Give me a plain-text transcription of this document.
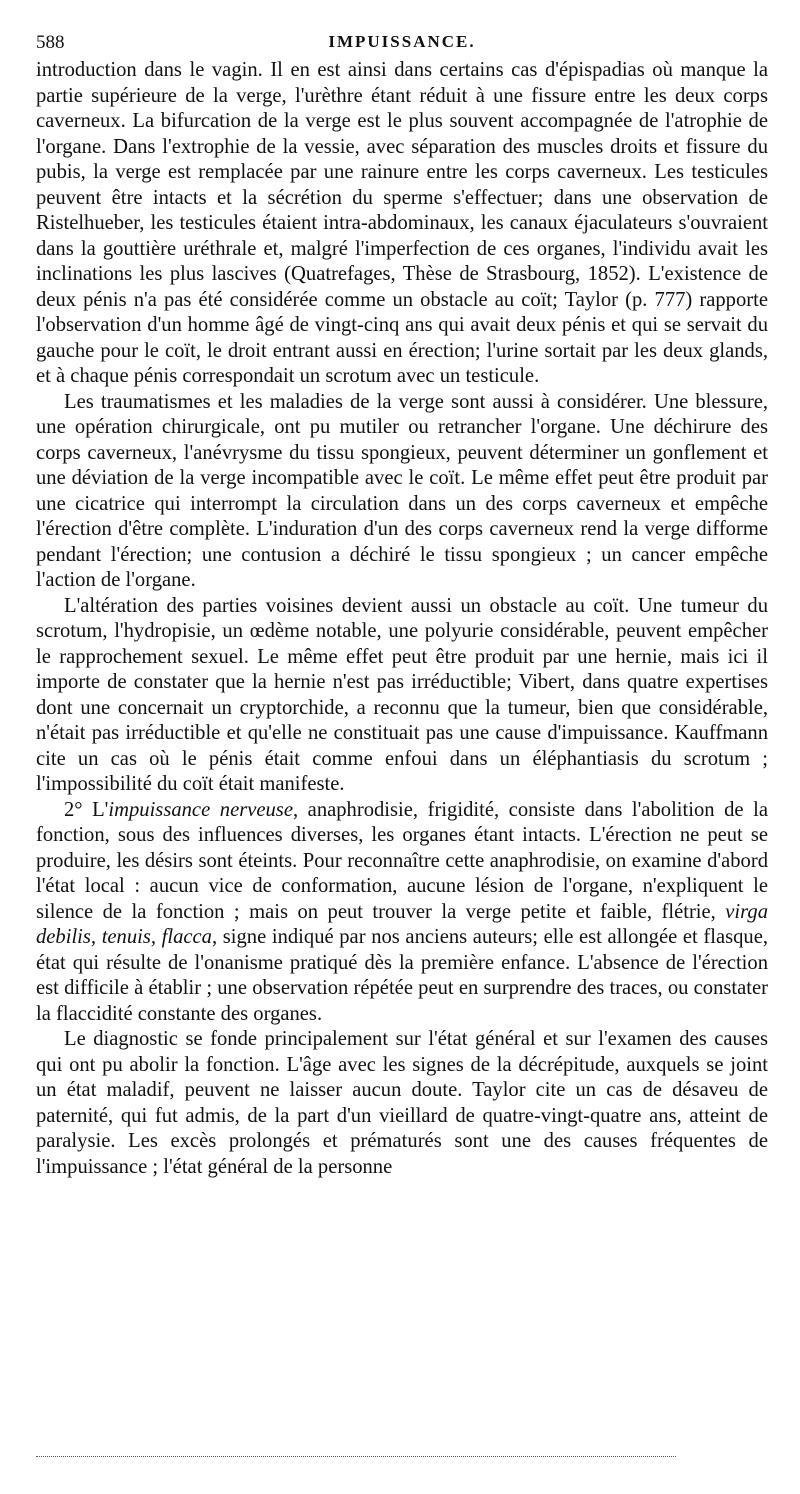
588	IMPUISSANCE.

introduction dans le vagin. Il en est ainsi dans certains cas d'épispadias où manque la partie supérieure de la verge, l'urèthre étant réduit à une fissure entre les deux corps caverneux. La bifurcation de la verge est le plus souvent accompagnée de l'atrophie de l'organe. Dans l'extrophie de la vessie, avec séparation des muscles droits et fissure du pubis, la verge est remplacée par une rainure entre les corps caverneux. Les testicules peuvent être intacts et la sécrétion du sperme s'effectuer; dans une observation de Ristelhueber, les testicules étaient intra-abdominaux, les canaux éjaculateurs s'ouvraient dans la gouttière uréthrale et, malgré l'imperfection de ces organes, l'individu avait les inclinations les plus lascives (Quatrefages, Thèse de Strasbourg, 1852). L'existence de deux pénis n'a pas été considérée comme un obstacle au coït; Taylor (p. 777) rapporte l'observation d'un homme âgé de vingt-cinq ans qui avait deux pénis et qui se servait du gauche pour le coït, le droit entrant aussi en érection; l'urine sortait par les deux glands, et à chaque pénis correspondait un scrotum avec un testicule.

Les traumatismes et les maladies de la verge sont aussi à considérer. Une blessure, une opération chirurgicale, ont pu mutiler ou retrancher l'organe. Une déchirure des corps caverneux, l'anévrysme du tissu spongieux, peuvent déterminer un gonflement et une déviation de la verge incompatible avec le coït. Le même effet peut être produit par une cicatrice qui interrompt la circulation dans un des corps caverneux et empêche l'érection d'être complète. L'induration d'un des corps caverneux rend la verge difforme pendant l'érection; une contusion a déchiré le tissu spongieux ; un cancer empêche l'action de l'organe.

L'altération des parties voisines devient aussi un obstacle au coït. Une tumeur du scrotum, l'hydropisie, un œdème notable, une polyurie considérable, peuvent empêcher le rapprochement sexuel. Le même effet peut être produit par une hernie, mais ici il importe de constater que la hernie n'est pas irréductible; Vibert, dans quatre expertises dont une concernait un cryptorchide, a reconnu que la tumeur, bien que considérable, n'était pas irréductible et qu'elle ne constituait pas une cause d'impuissance. Kauffmann cite un cas où le pénis était comme enfoui dans un éléphantiasis du scrotum ; l'impossibilité du coït était manifeste.

2° L'impuissance nerveuse, anaphrodisie, frigidité, consiste dans l'abolition de la fonction, sous des influences diverses, les organes étant intacts. L'érection ne peut se produire, les désirs sont éteints. Pour reconnaître cette anaphrodisie, on examine d'abord l'état local : aucun vice de conformation, aucune lésion de l'organe, n'expliquent le silence de la fonction ; mais on peut trouver la verge petite et faible, flétrie, virga debilis, tenuis, flacca, signe indiqué par nos anciens auteurs; elle est allongée et flasque, état qui résulte de l'onanisme pratiqué dès la première enfance. L'absence de l'érection est difficile à établir ; une observation répétée peut en surprendre des traces, ou constater la flaccidité constante des organes.

Le diagnostic se fonde principalement sur l'état général et sur l'examen des causes qui ont pu abolir la fonction. L'âge avec les signes de la décrépitude, auxquels se joint un état maladif, peuvent ne laisser aucun doute. Taylor cite un cas de désaveu de paternité, qui fut admis, de la part d'un vieillard de quatre-vingt-quatre ans, atteint de paralysie. Les excès prolongés et prématurés sont une des causes fréquentes de l'impuissance ; l'état général de la personne
